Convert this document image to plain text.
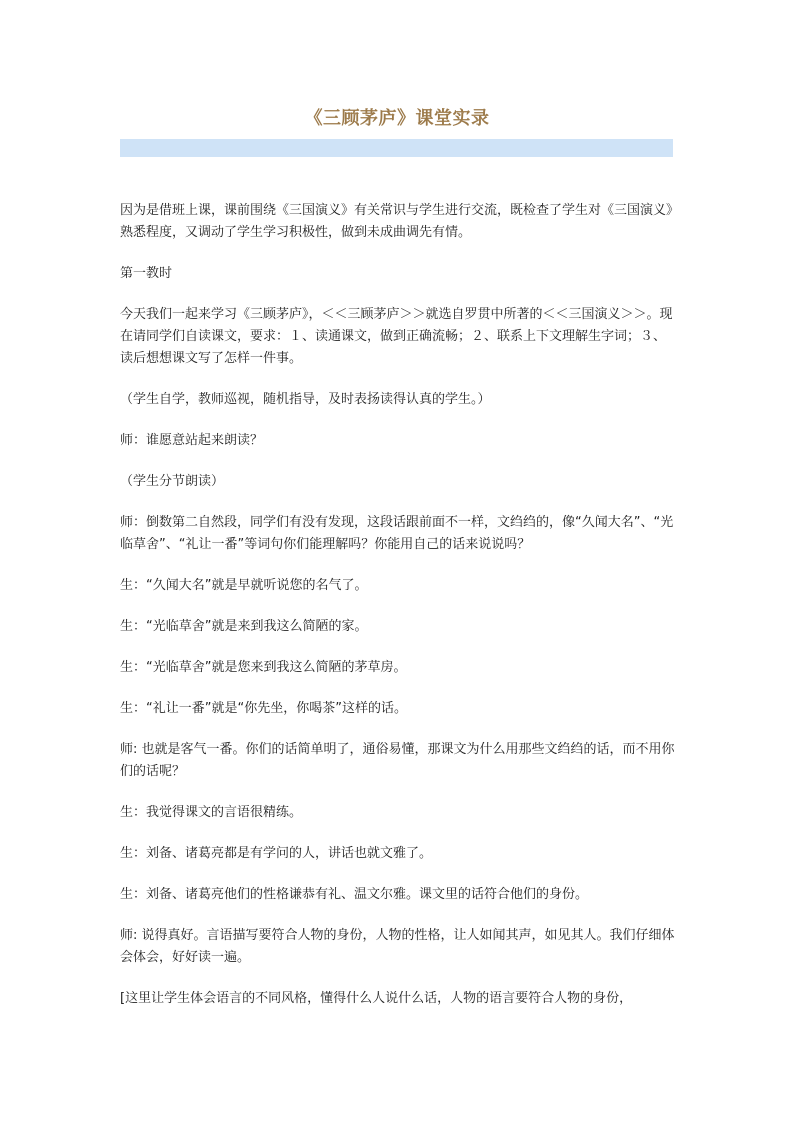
《三顾茅庐》课堂实录

因为是借班上课，课前围绕《三国演义》有关常识与学生进行交流，既检查了学生对《三国演义》熟悉程度，又调动了学生学习积极性，做到未成曲调先有情。

第一教时

今天我们一起来学习《三顾茅庐》，＜＜三顾茅庐＞＞就选自罗贯中所著的＜＜三国演义＞＞。现在请同学们自读课文，要求：１、读通课文，做到正确流畅；２、联系上下文理解生字词；３、读后想想课文写了怎样一件事。

（学生自学，教师巡视，随机指导，及时表扬读得认真的学生。）

师：谁愿意站起来朗读？

（学生分节朗读）

师：倒数第二自然段，同学们有没有发现，这段话跟前面不一样，文绉绉的，像“久闻大名”、“光临草舍”、“礼让一番”等词句你们能理解吗？你能用自己的话来说说吗？

生：“久闻大名”就是早就听说您的名气了。

生：“光临草舍”就是来到我这么简陋的家。

生：“光临草舍”就是您来到我这么简陋的茅草房。

生：“礼让一番”就是“你先坐，你喝茶”这样的话。

师: 也就是客气一番。你们的话简单明了，通俗易懂，那课文为什么用那些文绉绉的话，而不用你们的话呢？

生：我觉得课文的言语很精练。

生：刘备、诸葛亮都是有学问的人，讲话也就文雅了。

生：刘备、诸葛亮他们的性格谦恭有礼、温文尔雅。课文里的话符合他们的身份。

师: 说得真好。言语描写要符合人物的身份，人物的性格，让人如闻其声，如见其人。我们仔细体会体会，好好读一遍。

[这里让学生体会语言的不同风格，懂得什么人说什么话，人物的语言要符合人物的身份，
